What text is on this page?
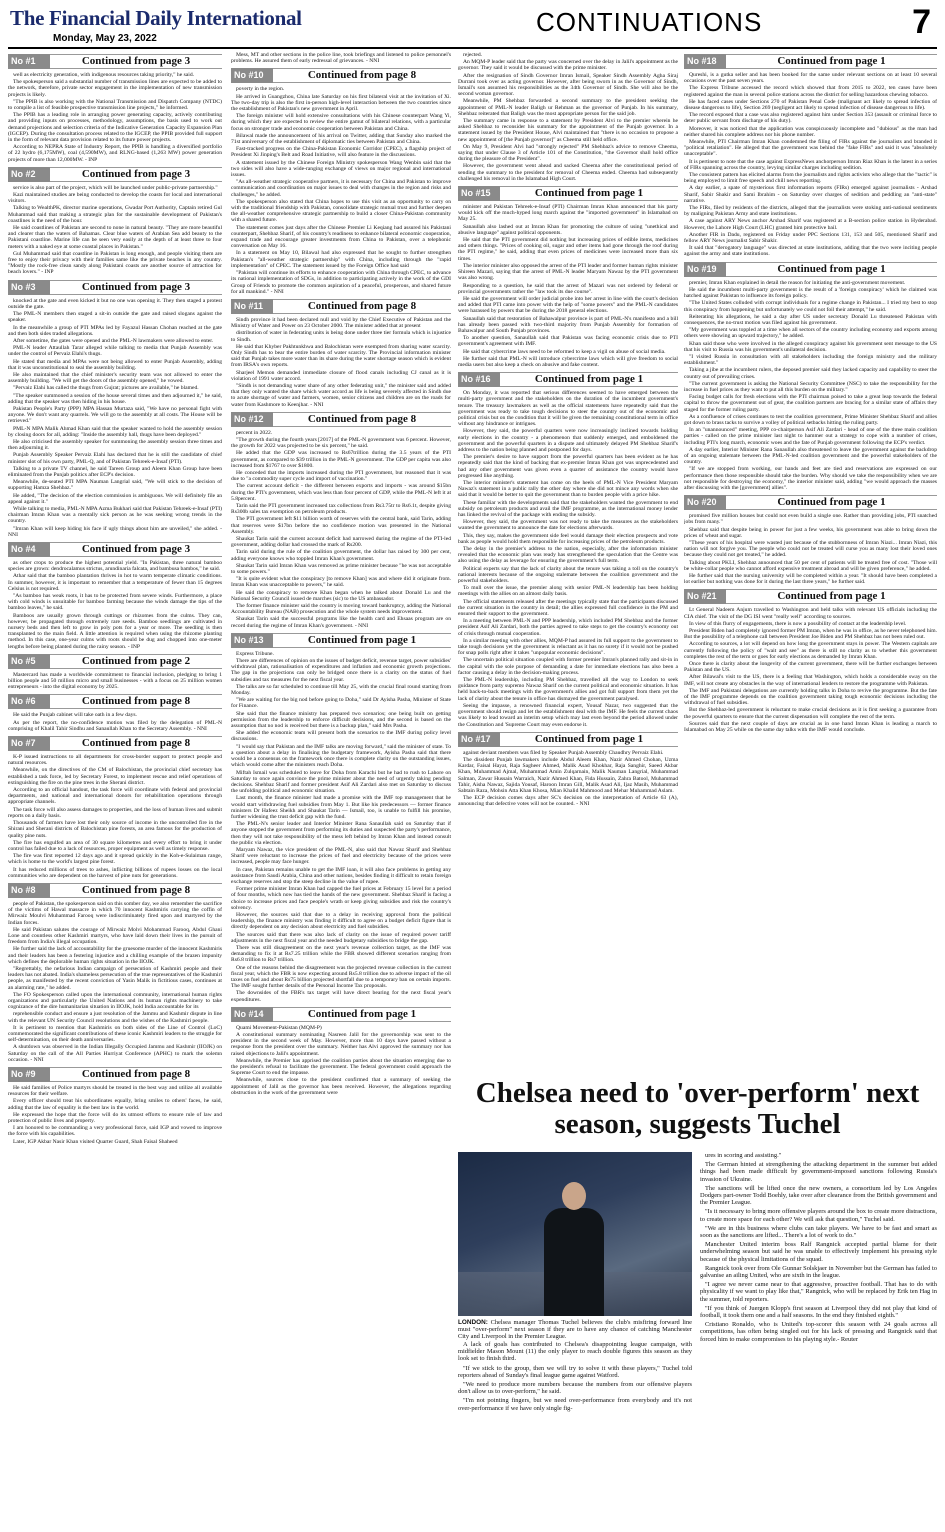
The Financial Daily International
Monday, May 23, 2022
CONTINUATIONS	7
No #1	Continued from page 3

well as electricity generation, with indigenous resources taking priority," he said.

The spokesperson said a substantial number of transmission lines are expected to be added to the network, therefore, private sector engagement in the implementation of new transmission projects is likely.

"The PPIB is also working with the National Transmission and Dispatch Company (NTDC) to compile a list of feasible prospective transmission line projects," he informed.

The PPIB has a leading role in arranging power generating capacity, actively contributing and providing inputs on processes, methodology, assumptions, the basis used to work out demand projections and selection criteria of the Indicative Generation Capacity Expansion Plan (IGCEP). During the consultation process related to the IGCEP, the PPIB provided full support in the form of relevant data provision related to its future power projects.

According to NEPRA State of Industry Report, the PPIB is handling a diversified portfolio of 22 hydro (6,175MW), coal (4,590MW), and RLNG-based (1,263 MW) power generation projects of more than 12,000MW. - INP

No #2	Continued from page 3

service is also part of the project, which will be launched under public-private partnership."

Kazi maintained studies are being conducted to develop the coasts for local and international visitors.

Talking to WealthPK, director marine operations, Gwadar Port Authority, Captain retired Gul Muhammad said that making a strategic plan for the sustainable development of Pakistan's coastlines is the need of the hour.

He said coastlines of Pakistan are second to none in natural beauty. "They are more beautiful and clearer than the waters of Bahamas. Clear blue waters of Arabian Sea add beauty to the Pakistani coastline. Marine life can be seen very easily at the depth of at least three to four meters with a naked eye at some coastal places in Pakistan."

Gul Muhammad said that coastline in Pakistan is long enough, and people visiting them are free to enjoy their privacy with their families same like the private beaches in any country. "Mostly the rock-free clean sandy along Pakistani coasts are another source of attraction for beach lovers." - INP

No #3	Continued from page 3

knocked at the gate and even kicked it but no one was opening it. They then staged a protest outside the gate.

The PML-N members then staged a sit-in outside the gate and raised slogans against the speaker.

In the meanwhile a group of PTI MPAs led by Fayazul Hassan Chohan reached at the gate and then both sides traded allegations.

After sometime, the gates were opened and the PML-N lawmakers were allowed to enter.

PML-N leader Attaullah Tarar alleged while talking to media that Punjab Assembly was under the control of Pervaiz Elahi's thugs.

He stated that media and MPAs were not being allowed to enter Punjab Assembly, adding that it was unconstitutional to seal the assembly building.

He also maintained that the chief minister's security team was not allowed to enter the assembly building. "We will get the doors of the assembly opened," he vowed.

"Pervaiz Elahi has called the thugs from Gujrat; pictures are available," he blamed.

"The speaker summoned a session of the house several times and then adjourned it," he said, adding that the speaker was then hiding in his house.

Pakistan People's Party (PPP) MPA Hassan Murtaza said, "We have no personal fight with anyone. We don't want any quarrels. We will go to the assembly at all costs. The House will be retrieved."

PML-N MPA Malik Ahmad Khan said that the speaker wanted to hold the assembly session by closing doors for all, adding: "Inside the assembly hall, thugs have been deployed."

He also criticised the assembly speaker for summoning the assembly session three times and then adjourning it.

Punjab Assembly Speaker Pervaiz Elahi has declared that he is still the candidate of chief minister slot of his own party, PML-Q, and of Pakistan Tehreek-e-Insaf (PTI).

Talking to a private TV channel, he said Tareen Group and Aleem Khan Group have been eliminated from the Punjab politics after ECP's decision.

Meanwhile, de-seated PTI MPA Nauman Langrial said, "We will stick to the decision of supporting Hamza Shehbaz."

He added, "The decision of the election commission is ambiguous. We will definitely file an appeal against it."

While talking to media, PML-N MPA Azma Bukhari said that Pakistan Tehreek-e-Insaf (PTI) chairman Imran Khan was a mentally sick person as he was seeking wrong trends in the country.

"Imran Khan will keep hiding his face if ugly things about him are unveiled," she added. -NNI

No #4	Continued from page 3

as other crops to produce the highest potential yield. "In Pakistan, three natural bamboo species are grown: dendrocalamus strictus, arundinaria falcata, and bambusa bambos," he said.

Athar said that the bamboo plantation thrives in hot to warm temperate climatic conditions. In summer, however, it is important to remember that a temperature of fewer than 15 degrees Celsius is not required.

"As bamboo has weak roots, it has to be protected from severe winds. Furthermore, a place with cold winds is unsuitable for bamboo farming because the winds damage the tips of the bamboo leaves," he said.

Bamboos are usually grown through cuttings or rhizomes from the culms. They can, however, be propagated through extremely rare seeds. Bamboo seedlings are cultivated in nursery beds and then left to grow in poly pots for a year or more. The seedling is then transplanted to the main field. A little attention is required when using the rhizome planting method. In this case, one-year culms with roots should be dug and chopped into one-meter lengths before being planted during the rainy season. - INP

No #5	Continued from page 2

Mastercard has made a worldwide commitment to financial inclusion, pledging to bring 1 billion people and 50 million micro and small businesses - with a focus on 25 million women entrepreneurs - into the digital economy by 2025.

No #6	Continued from page 8

He said the Punjab cabinet will take oath in a few days.

As per the report, the no-confidence motion was filed by the delegation of PML-N comprising of Khalil Tahir Sindhu and Sanaullah Khan to the Secretary Assembly. - NNI

No #7	Continued from page 8

K-P issued instructions to all departments for cross-border support to protect people and natural resources.

Meanwhile, on the directives of the CM of Balochistan, the provincial chief secretary has established a task force, led by Secretary Forest, to implement rescue and relief operations of extinguishing the fire on the pine trees in the Sherani district.

According to an official handout, the task force will coordinate with federal and provincial departments, and national and international donors for rehabilitation operations through appropriate channels.

The task force will also assess damages to properties, and the loss of human lives and submit reports on a daily basis.

Thousands of farmers have lost their only source of income in the uncontrolled fire in the Shirani and Sherani districts of Balochistan pine forests, an area famous for the production of quality pine nuts.

The fire has engulfed an area of 30 square kilometres and every effort to bring it under control has failed due to a lack of resources, proper equipment as well as timely response.

The fire was first reported 12 days ago and it spread quickly in the Koh-e-Sulaiman range, which is home to the world's largest pine forest.

It has reduced millions of trees to ashes, inflicting billions of rupees losses on the local communities who are dependent on the harvest of pine nuts for generations.

No #8	Continued from page 8

people of Pakistan, the spokesperson said on this somber day, we also remember the sacrifice of the victims of Hawal massacre in which 70 innocent Kashmiris carrying the coffin of Mirwaiz Moulvi Muhammad Farooq were indiscriminately fired upon and martyred by the Indian forces.

He said Pakistan salutes the courage of Mirwaiz Molvi Mohammad Farooq, Abdul Ghani Lone and countless other Kashmiri martyrs, who have laid down their lives in the pursuit of freedom from India's illegal occupation.

He further said the lack of accountability for the gruesome murder of the innocent Kashmiris and their leaders has been a festering injustice and a chilling example of the brazen impunity which defines the deplorable human rights situation in the IIOJK.

"Regrettably, the nefarious Indian campaign of persecution of Kashmiri people and their leaders has not abated. India's shameless persecution of the true representatives of the Kashmiri people, as manifested by the recent conviction of Yasin Malik in fictitious cases, continues at an alarming rate," he added.

The FO Spokesperson called upon the international community, international human rights organizations and particularly the United Nations and its human rights machinery to take cognizance of the dire humanitarian situation in IIOJK, hold India accountable for its

reprehensible conduct and ensure a just resolution of the Jammu and Kashmir dispute in line with the relevant UN Security Council resolutions and the wishes of the Kashmiri people.

It is pertinent to mention that Kashmiris on both sides of the Line of Control (LoC) commemorated the significant contributions of these iconic Kashmiri leaders to the struggle for self-determination, on their death anniversaries.

A shutdown was observed in the Indian Illegally Occupied Jammu and Kashmir (IIOJK) on Saturday on the call of the All Parties Hurriyat Conference (APHC) to mark the solemn occasion. - NNI

No #9	Continued from page 8

He said families of Police martyrs should be treated in the best way and utilize all available resources for their welfare.

Every officer should treat his subordinates equally, bring smiles to others' faces, he said, adding that the law of equality is the best law in the world.

He expressed the hope that the force will do its utmost efforts to ensure rule of law and protection of public lives and property.

I am honored to be commanding a very professional force, said IGP and vowed to improve the force with his capabilities.

Later, IGP Akbar Nasir Khan visited Quarter Guard, Shah Faisal Shaheed

Mess, MT and other sections in the police line, took briefings and listened to police personnel's problems. He assured them of early redressal of grievances. - NNI

No #10	Continued from page 8

poverty in the region.

He arrived in Guangzhou, China late Saturday on his first bilateral visit at the invitation of Xi. The two-day trip is also the first in-person high-level interaction between the two countries since the establishment of Pakistan's new government in April.

The foreign minister will hold extensive consultations with his Chinese counterpart Wang Yi, during which they are expected to review the entire gamut of bilateral relations, with a particular focus on stronger trade and economic cooperation between Pakistan and China.

Bilawal made the announcement of his arrival on Twitter, adding that Sunday also marked the 71st anniversary of the establishment of diplomatic ties between Pakistan and China.

Fast-tracked progress on the China-Pakistan Economic Corridor (CPEC), a flagship project of President Xi Jinping's Belt and Road Initiative, will also feature in the discussions.

A statement issued by the Chinese Foreign Ministry spokesperson Wang Wenbin said that the two sides will also have a wide-ranging exchange of views on major regional and international issues.

"As all-weather strategic cooperative partners, it is necessary for China and Pakistan to improve communication and coordination on major issues to deal with changes in the region and risks and challenges," he added.

The spokesperson also stated that China hopes to use this visit as an opportunity to carry on with the traditional friendship with Pakistan, consolidate strategic mutual trust and further deepen the all-weather comprehensive strategic partnership to build a closer China-Pakistan community with a shared future.

The statement comes just days after the Chinese Premier Li Keqiang had assured his Pakistani counterpart, Shehbaz Sharif, of his country's readiness to enhance bilateral economic cooperation, expand trade and encourage greater investments from China to Pakistan, over a telephonic conversation on May 16.

In a statement on May 10, Bilawal had also expressed that he sought to further strengthen Pakistan's "all-weather strategic partnership" with China, including through the "rapid implementation" of CPEC. The statement issued by the Foreign Office had said

"Pakistan will continue its efforts to enhance cooperation with China through CPEC, to advance its national implementation of SDGs, in addition to participating actively in the work of the GDI Group of Friends to promote the common aspiration of a peaceful, prosperous, and shared future for all mankind." - NNI

No #11	Continued from page 8

Sindh province it had been declared null and void by the Chief Executive of Pakistan and the Ministry of Water and Power on 23 October 2000. The minister added that at present

distribution of water in federating units is being done under three tier formula which is injustice to Sindh.

He said that Khyber Pakhtunkhwa and Balochistan were exempted from sharing water scarcity. Only Sindh has to bear the entire burden of water scarcity. The Provincial information minister said that Punjab takes more water than its share during the water shortage season which is evident from IRSA's own reports.

Sharjeel Memon demanded immediate closure of flood canals including CJ canal as it is violation of 1991 water accord.

"Sindh is not demanding water share of any other federating unit," the minister said and added that they only wanted the share which water accord as life is being severely affected in Sindh due to acute shortage of water and farmers, women, senior citizens and children are on the roads for water from Kashmore to Keenjhar. - NNI

No #12	Continued from page 8

percent in 2022.

"The growth during the fourth years [2017] of the PML-N government was 6 percent. However, the growth for 2022 was projected to be six percent," he said.

He added that the GDP was increased to Rs67trillion during the 3.5 years of the PTI government, as compared to $39 trillion in the PML-N government. The GDP per capita was also increased from $1767 to over $1800.

He conceded that the imports increased during the PTI government, but reasoned that it was due to "a commodity super cycle and import of vaccination."

The current account deficit - the different between exports and imports - was around $15bn during the PTI's government, which was less than four percent of GDP, while the PML-N left it at 5.8percent.

Tarin said the PTI government increased tax collections from Rs3.75tr to Rs6.1t, despite giving Rs300b sales tax exemption on petroleum products.

The PTI government left $11 billion worth of reserves with the central bank, said Tarin, adding that reserves were $17bn before the no confidence motion was presented in the National Assembly.

Shaukat Tarin said the current account deficit had narrowed during the regime of the PTI-led government, adding dollar had crossed the mark of Rs200.

Tarin said during the rule of the coalition government, the dollar has raised by 300 per cent, adding everyone knows who toppled Imran Khan's government.

Shaukat Tarin said Imran Khan was removed as prime minister because "he was not acceptable to some powers."

"It is quite evident what the conspiracy [to remove Khan] was and where did it originate from. Imran Khan was unacceptable to powers," he said.

He said the conspiracy to remove Khan began when he talked about Donald Lu and the National Security Council issued de marches (sic) to the US ambassador.

The former finance minister said the country is moving toward bankruptcy, adding the National Accountability Bureau (NAB) prosecution and the whole system needs improvement.

Shaukat Tarin said the successful programs like the health card and Ehsaas program are on record during the regime of Imran Khan's government. - NNI

No #13	Continued from page 1

Express Tribune.

There are differences of opinion on the issues of budget deficit, revenue target, power subsidies' withdrawal plan, rationalisation of expenditures and inflation and economic growth projections. The gap in the projections can only be bridged once there is a clarity on the status of fuel subsidies and tax measures for the next fiscal year.

The talks are so far scheduled to continue till May 25, with the crucial final round starting from Monday.

"We are waiting for the big nod before going to Doha," said Dr Ayisha Pasha, Minister of State for Finance.

She said that the finance ministry has prepared two scenarios; one being built on getting permission from the leadership to enforce difficult decisions, and the second is based on the assumption that no nod is received but there is a backup plan," said Mrs Pasha.

She added the economic team will present both the scenarios to the IMF during policy level discussions.

"I would say that Pakistan and the IMF talks are moving forward," said the minister of state. To a question about a delay in finalising the budgetary framework, Ayisha Pasha said that there would be a consensus on the framework once there is complete clarity on the outstanding issues, which would come after the ministers reach Doha.

Miftah Ismail was scheduled to leave for Doha from Karachi but he had to rush to Lahore on Saturday to once again convince the prime minister about the need of urgently taking pending decisions. Shehbaz Sharif and former president Asif Ali Zardari also met on Saturday to discuss the unfolding political and economic situation.

Last month, the finance minister had made a promise with the IMF top management that he would start withdrawing fuel subsidies from May 1. But like his predecessors — former finance ministers Dr Hafeez Sheikh and Shaukat Tarin — Ismail, too, is unable to fulfill his promise, further widening the trust deficit gap with the fund.

The PML-N's senior leader and Interior Minister Rana Sanaullah said on Saturday that if anyone stopped the government from performing its duties and suspected the party's performance, then they will not take responsibility of the mess left behind by Imran Khan and instead consult the public via election.

Maryam Nawaz, the vice president of the PML-N, also said that Nawaz Sharif and Shehbaz Sharif were reluctant to increase the prices of fuel and electricity because of the prices were increased, people may face hunger.

In case, Pakistan remains unable to get the IMF loan, it will also face problems in getting any assistance from Saudi Arabia, China and other nations, besides finding it difficult to retain foreign exchange reserves and stop the steep decline in the value of rupee.

Former prime minister Imran Khan had capped the fuel prices at February 15 level for a period of four months, which now has tied the hands of the new government. Shehbaz Sharif is facing a choice to increase prices and face people's wrath or keep giving subsidies and risk the country's solvency.

However, the sources said that due to a delay in receiving approval from the political leadership, the finance ministry was finding it difficult to agree on a budget deficit figure that is directly dependent on any decision about electricity and fuel subsidies.

The sources said that there was also lack of clarity on the issue of required power tariff adjustments in the next fiscal year and the needed budgetary subsidies to bridge the gap.

There was still disagreement on the next year's revenue collection target, as the IMF was demanding to fix it at Rs7.25 trillion while the FBR showed different scenarios ranging from Rs6.8 trillion to Rs7 trillion.

One of the reasons behind the disagreement was the projected revenue collection in the current fiscal year, which the FBR is now expecting around Rs5.8 trillion due to adverse impact of the oil taxes on fuel and about Rs75 billion projected shortfall due to a temporary ban on certain imports. The IMF sought further details of the Personal Income Tax proposals.

The downsides of the FBR's tax target will have direct bearing for the next fiscal year's expenditures.

No #14	Continued from page 1

Quami Movement-Pakistan (MQM-P)

A constitutional summary nominating Nasreen Jalil for the governorship was sent to the president in the second week of May. However, more than 10 days have passed without a response from the president over the summary. Neither has Alvi approved the summary nor has raised objections to Jalil's appointment.

Meanwhile, the Premier has apprised the coalition parties about the situation emerging due to the president's refusal to facilitate the government. The federal government could approach the Supreme Court to end the impasse.

Meanwhile, sources close to the president confirmed that a summary of seeking the appointment of Jalil as the governor has been received. However, the allegations regarding obstruction in the work of the government were

rejected.

An MQM-P leader said that the party was concerned over the delay in Jalil's appointment as the governor. They said it would be discussed with the prime minister.

After the resignation of Sindh Governor Imran Ismail, Speaker Sindh Assembly Agha Siraj Durrani took over as acting governor. However, after being sworn in as the Governor of Sindh, Ismail's son assumed his responsibilities as the 34th Governor of Sindh. She will also be the second woman governor.

Meanwhile, PM Shehbaz forwarded a second summary to the president seeking the appointment of PML-N leader Baligh ur Rehman as the governor of Punjab. In his summary, Shehbaz reiterated that Baligh was the most appropriate person for the said job.

The summary came in response to a statement by President Alvi to the premier wherein he asked Shehbaz to reconsider his summary for the appointment of the Punjab governor. In a statement issued by the President House, Alvi maintained that "there is no occasion to propose a new appointment of [the Punjab governor]" as Cheema still held office.

On May 9, President Alvi had "strongly rejected" PM Shehbaz's advice to remove Cheema, saying that under Clause 3 of Article 101 of the Constitution, "the Governor shall hold office during the pleasure of the President".

However, the government went ahead and sacked Cheema after the constitutional period of sending the summary to the president for removal of Cheema ended. Cheema had subsequently challenged his removal in the Islamabad High Court.

No #15	Continued from page 1

minister and Pakistan Tehreek-e-Insaf (PTI) Chairman Imran Khan announced that his party would kick off the much-hyped long march against the "imported government" in Islamabad on May 25.

Sanaullah also lashed out at Imran Khan for promoting the culture of using "unethical and abusive language" against political opponents.

He said that the PTI government did nothing but increasing prices of edible items, medicines and others things. "Prices of cooking oil, sugar and other items had gone through the roof during the PTI regime," he said, adding that even prices of medicines were increased more than six times.

The interior minister also opposed the arrest of the PTI leader and former human rights minister Shireen Mazari, saying that the arrest of PML-N leader Maryam Nawaz by the PTI government was also wrong.

Responding to a question, he said that the arrest of Mazari was not ordered by federal or provincial governments rather the "law took its due course".

He said the government will order judicial probe into her arrest in line with the court's decision and added that PTI came into power with the help of "some powers" and the PML-N candidates were harassed by powers that be during the 2018 general elections.

Sanaullah said that restoration of Bahawalpur province is part of PML-N's manifesto and a bill has already been passed with two-third majority from Punjab Assembly for formation of Bahawalpur and South Punjab provinces.

To another question, Sanaullah said that Pakistan was facing economic crisis due to PTI government's agreement with IMF.

He said that cybercrime laws need to be reformed to keep a vigil on abuse of social media.

He further said that PML-N will introduce cybercrime laws which will give freedom to social media users but also keep a check on abusive and fake content.

No #16	Continued from page 1

On Monday, it was reported that serious differences seemed to have emerged between the multi-party government and the stakeholders on the duration of the incumbent government's tenure. The treasury lawmakers as well as the official statements have repeatedly said that the government was ready to take tough decisions to steer the country out of the economic and political crisis but on the condition that it will be given the remaining constitutional term in office without any hindrance or intrigues.

However, they said, the powerful quarters were now increasingly inclined towards holding early elections in the country - a phenomenon that suddenly emerged, and emboldened the government and the powerful quarters in a dispute and ultimately delayed PM Shehbaz Sharif's address to the nation being planned and postponed for days.

The premier's desire to have support from the powerful quarters has been evident as he has repeatedly said that the kind of backing that ex-premier Imran Khan got was unprecedented and had any other government was given even a quarter of assistance the country would have progressed like anything.

The interior minister's statement has come on the heels of PML-N Vice President Maryam Nawaz's statement in a public rally the other day where she did not mince any words when she said that it would be better to quit the government than to burden people with a price hike.

These familiar with the developments said that the stakeholders wanted the government to end subsidy on petroleum products and avail the IMF programme, as the international money lender has linked the revival of the package with ending the subsidy.

However, they said, the government was not ready to take the measures as the stakeholders wanted the government to announce the date for elections afterwards.

This, they say, makes the government side feel would damage their election prospects and vote bank as people would hold them responsible for increasing prices of the petroleum products.

The delay in the premier's address to the nation, especially, after the information minister revealed that the economic plan was ready has strengthened the speculation that the Centre was also using the delay as leverage for ensuring the government's full term.

Political experts say that the lack of clarity about the tenure was taking a toll on the country's national interests because of the ongoing stalemate between the coalition government and the powerful stakeholders.

To mull over the issue, the premier along with senior PML-N leadership has been holding meetings with the allies on an almost daily basis.

The official statements released after the meetings typically state that the participants discussed the current situation in the country in detail; the allies expressed full confidence in the PM and ensured their support to the government.

In a meeting between PML-N and PPP leadership, which included PM Shehbaz and the former president Asif Ali Zardari, both the parties agreed to take steps to get the country's economy out of crisis through mutual cooperation.

In a similar meeting with other allies, MQM-P had assured its full support to the government to take tough decisions yet the government is reluctant as it has no surety if it would not be pushed for snap polls right after it takes "unpopular economic decisions".

The uncertain political situation coupled with former premier Imran's planned rally and sit-in in the capital with the sole purpose of demanding a date for immediate elections has also been a factor causing a delay in the decision-making process.

The PML-N leadership, including PM Shehbaz, travelled all the way to London to seek guidance from party supremo Nawaz Sharif on the current political and economic situation. It has held back-to-back meetings with the government's allies and got full support from them yet the lack of clarity about the tenure in office has dismayed the government paralysed.

Seeing the impasse, a renowned financial expert, Yousaf Nazar, two suggested that the government should resign and let the establishment deal with the IMF. He feels the current chaos was likely to lead toward an interim setup which may last even beyond the period allowed under the Constitution and 'Supreme Court may even endorse it.

No #17	Continued from page 1

against deviant members was filed by Speaker Punjab Assembly Chaudhry Pervaiz Elahi.

The dissident Punjab lawmakers include Abdul Aleem Khan, Nazir Ahmed Chohan, Uzma Kardar, Faisal Hayat, Raja Sagheer Ahmed, Malik Asad Khokhar, Raja Sanghir, Saeed Akbar Khan, Muhammad Ajmal, Muhammad Amin Zulqarnain, Malik Nauman Langrial, Muhammad Salman, Zawar Hussain Warraich, Nazir Ahmed Khan, Fida Hussain, Zahra Batool, Muhammad Tahir, Aisha Nawaz, Sajida Yousaf, Haroon Imran Gill, Malik Asad Ali, Ijaz Masih, Muhammad Sabtain Raza, Mohsin Atta Khan Khosa, Mian Khalid Mahmood and Mehar Muhammad Aslam.

The ECP decision comes days after SC's decision on the interpretation of Article 63 (A), announcing that defective votes will not be counted. - NNI

No #18	Continued from page 1

Qureshi, is a gutka seller and has been booked for the same under relevant sections on at least 10 several occasions over the past seven years.

The Express Tribune accessed the record which showed that from 2015 to 2022, ten cases have been registered against the man in several police stations across the district for selling hazardous chewing tobacco.

He has faced cases under Sections 270 of Pakistan Penal Code (malignant act likely to spread infection of disease dangerous to life), Section 269 (negligent act likely to spread infection of disease dangerous to life).

The record exposed that a case was also registered against him under Section 353 (assault or criminal force to deter public servant from discharge of his duty).

Moreover, it was noticed that the application was conspicuously incomplete and "dubious" as the man had neither shared his complete address nor his phone number.

Meanwhile, PTI Chairman Imran Khan condemned the filing of FIRs against the journalists and branded it "political retaliation". He alleged that the government was behind the "fake FIRs" and said it was "absolutely unacceptable".

It is pertinent to note that the case against ExpressNews anchorperson Imran Riaz Khan is the latest in a series of FIRs spanning across the country, levying similar charges including sedition.

The consistent pattern has elicited alarms from the journalists and rights activists who allege that the "tactic" is being employed to limit free speech and chill news reporting.

A day earlier, a spate of mysterious first information reports (FIRs) emerged against journalists - Arshad Sharif, Sabir Shakir and Sami Ibrahim - on Saturday over charges of sedition and peddling an "anti-state" narrative.

The FIRs, filed by residents of the districts, alleged that the journalists were stoking anti-national sentiments by maligning Pakistan Army and state institutions.

A case against ARY News anchor Arshad Sharif was registered at a B-section police station in Hyderabad. However, the Lahore High Court (LHC) granted him protective bail.

Another FIR in Dadu, registered on Friday under PPC Sections 131, 153 and 505, mentioned Sharif and fellow ARY News journalist Sabir Shakir.

It said that "derogatory language" was directed at state institutions, adding that the two were inciting people against the army and state institutions.

No #19	Continued from page 1

premier, Imran Khan explained in detail the reason for initiating the anti-government movement.

He said the incumbent multi-party government is the result of a 'foreign conspiracy' which he claimed was hatched against Pakistan to influence its foreign policy.

"The United States colluded with corrupt individuals for a regime change in Pakistan... I tried my best to stop this conspiracy from happening but unfortunately we could not foil their attempt," he said.

Reiterating his allegations, he said a day after US under secretary Donald Lu threatened Pakistan with consequences, the no-trust motion was filed against his government.

"My government was toppled at a time when all sectors of the country including economy and exports among others were showing an upward trajectory," he added.

Khan said those who were involved in the alleged conspiracy against his government sent message to the US that his visit to Russia was his government's unilateral decision.

"I visited Russia in consultation with all stakeholders including the foreign ministry and the military establishment."

Taking a jibe at the incumbent rulers, the deposed premier said they lacked capacity and capability to steer the country out of prevailing crises.

"The current government is asking the National Security Committee (NSC) to take the responsibility for the increase in fuel prices as they want to put all this burden on the military."

Facing budget calls for fresh elections with the PTI chairman poised to take a great leap towards the federal capital to throw the government out of gear, the coalition partners are bracing for a similar state of affairs they staged for the former ruling party.

As a confluence of crises continues to test the coalition government, Prime Minister Shehbaz Sharif and allies got down to brass tacks to survive a volley of political setbacks hitting the ruling party.

In an "unannounced" meeting, PPP co-chairperson Asif Ali Zardari - head of one of the three main coalition parties - called on the prime minister last night to hammer out a strategy to cope with a number of crises, including PTI's long march, economic woes and the fate of Punjab government following the ECP's verdict.

A day earlier, Interior Minister Rana Sanaullah also threatened to leave the government against the backdrop of an ongoing stalemate between the PML-N-led coalition government and the powerful stakeholders of the country.

"If we are stopped from working, our hands and feet are tied and reservations are expressed on our performance then those responsible should take the burden. Why should we take the responsibility when we are not responsible for destroying the economy," the interior minister said, adding "we would approach the masses after discussing with the [government] allies".

No #20	Continued from page 1

promised five million houses but could not even build a single one. Rather than providing jobs, PTI snatched jobs from many."

Shehbaz said that despite being in power for just a few weeks, his government was able to bring down the prices of wheat and sugar.

"These years of his hospital were wasted just because of the stubbornness of Imran Niazi... Imran Niazi, this nation will not forgive you. The people who could not be treated will curse you as many lost their loved ones because they could not get treated," he added.

Talking about PKLI, Shehbaz announced that 50 per cent of patients will be treated free of cost. "Those will be white-collar people who cannot afford expensive treatment abroad and will be given preference," he added.

He further said that the nursing university will be completed within a year. "It should have been completed a lot earlier but nothing was done for it during the last three years," he further said.

No #21	Continued from page 1

Lt General Nadeem Anjum travelled to Washington and held talks with relevant US officials including the CIA chief. The visit of the DG ISI went "really well" according to sources.

In view of this flurry of engagements, there is now a possibility of contact at the leadership level.

President Biden had completely ignored former PM Imran, when he was in office, as he never telephoned him. But the possibility of a telephone call between President Joe Biden and PM Shehbaz has not been ruled out.

According to sources, a lot will depend on how long the government stays in power. The Western capitals are currently following the policy of "wait and see" as there is still no clarity as to whether this government completes the rest of the term or goes for early elections as demanded by Imran Khan.

Once there is clarity about the longevity of the current government, there will be further exchanges between Pakistan and the US.

After Bilawal's visit to the US, there is a feeling that Washington, which holds a considerable sway on the IMF, will not create any obstacles in the way of international lenders to restore the programme with Pakistan.

The IMF and Pakistani delegations are currently holding talks in Doha to revive the programme. But the fate of the IMF programme depends on the coalition government taking tough economic decisions including the withdrawal of fuel subsidies.

But the Shehbaz-led government is reluctant to make crucial decisions as it is first seeking a guarantee from the powerful quarters to ensure that the current dispensation will complete the rest of the term.

Sources said that the next couple of days are crucial as in one hand Imran Khan is leading a march to Islamabad on May 25 while on the same day talks with the IMF would conclude.

Chelsea need to 'over-perform' next season, suggests Tuchel
LONDON: Chelsea manager Thomas Tuchel believes the club's misfiring forward line must "over-perform" next season if they are to have any chance of catching Manchester City and Liverpool in the Premier League.

A lack of goals has contributed to Chelsea's disappointing league campaign, with midfielder Mason Mount (11) the only player to reach double figures this season as they look set to finish third.

"If we stick to the group, then we will try to solve it with these players," Tuchel told reporters ahead of Sunday's final league game against Watford.

"We need to produce more numbers because the numbers from our offensive players don't allow us to over-perform," he said.

"I'm not pointing fingers, but we need over-performance from everybody and it's not over-performance if we have only single fig-

ures in scoring and assisting."

The German hinted at strengthening the attacking department in the summer but added things had been made difficult by government-imposed sanctions following Russia's invasion of Ukraine.

The sanctions will be lifted once the new owners, a consortium led by Los Angeles Dodgers part-owner Todd Boehly, take over after clearance from the British government and the Premier League.

"Is it necessary to bring more offensive players around the box to create more distractions, to create more space for each other? We will ask that question," Tuchel said.

"We are in this business where clubs can take players. We have to be fast and smart as soon as the sanctions are lifted... There's a lot of work to do."

Manchester United interim boss Ralf Rangnick accepted partial blame for their underwhelming season but said he was unable to effectively implement his pressing style because of the physical limitations of the squad.

Rangnick took over from Ole Gunnar Solskjaer in November but the German has failed to galvanise an ailing United, who are sixth in the league.

"I agree we never came near to that aggressive, proactive football. That has to do with physicality if we want to play like that," Rangnick, who will be replaced by Erik ten Hag in the summer, told reporters.

"If you think of Juergen Klopp's first season at Liverpool they did not play that kind of football, it took them one and a half seasons. In the end they finished eighth."

Cristiano Ronaldo, who is United's top-scorer this season with 24 goals across all competitions, has often being singled out for his lack of pressing and Rangnick said that forced him to make compromises to his playing style.- Reuter
